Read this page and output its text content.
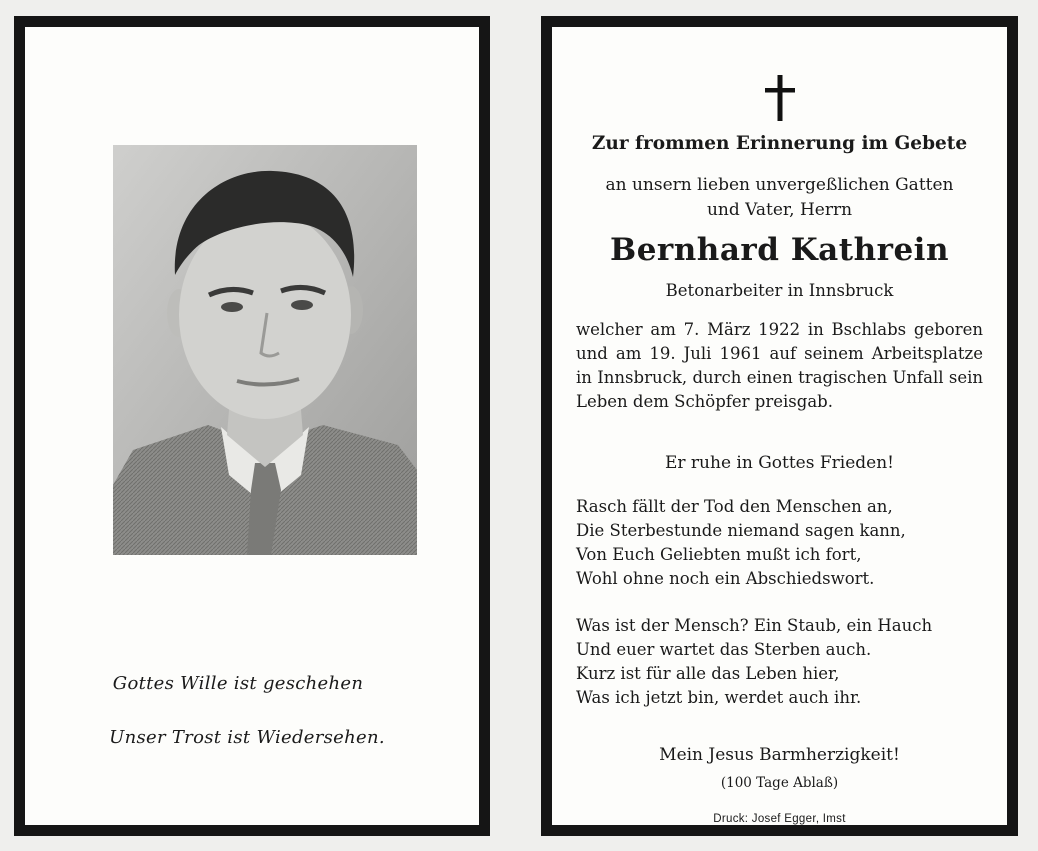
Gottes Wille ist geschehen
Unser Trost ist Wiedersehen.
Zur frommen Erinnerung im Gebete
an unsern lieben unvergeßlichen Gatten
und Vater, Herrn
Bernhard Kathrein
Betonarbeiter in Innsbruck
welcher am 7. März 1922 in Bschlabs geboren und am 19. Juli 1961 auf seinem Arbeitsplatze in Innsbruck, durch einen tragischen Unfall sein Leben dem Schöpfer preisgab.
Er ruhe in Gottes Frieden!
Rasch fällt der Tod den Menschen an,
Die Sterbestunde niemand sagen kann,
Von Euch Geliebten mußt ich fort,
Wohl ohne noch ein Abschiedswort.
Was ist der Mensch? Ein Staub, ein Hauch
Und euer wartet das Sterben auch.
Kurz ist für alle das Leben hier,
Was ich jetzt bin, werdet auch ihr.
Mein Jesus Barmherzigkeit!
(100 Tage Ablaß)
Druck: Josef Egger, Imst
